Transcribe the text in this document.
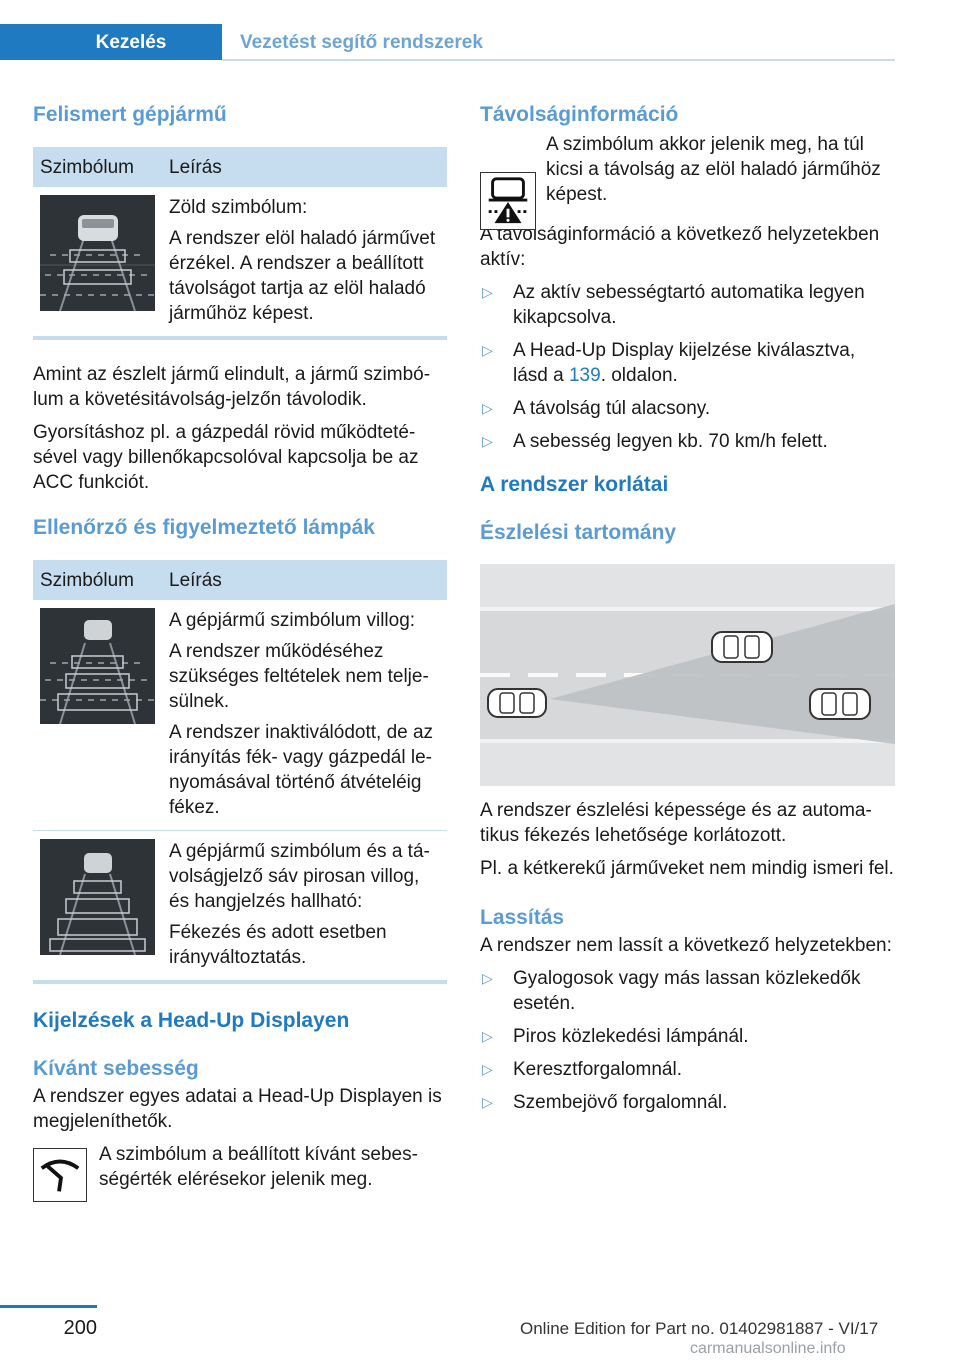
Kezelés	Vezetést segítő rendszerek
Felismert gépjármű
Szimbólum	Leírás

Zöld szimbólum:

A rendszer elöl haladó járművet érzékel. A rendszer a beállított távolságot tartja az elöl haladó járműhöz képest.

Amint az észlelt jármű elindult, a jármű szimbólum a követésitávolság-jelzőn távolodik.

Gyorsításhoz pl. a gázpedál rövid működtetésével vagy billenőkapcsolóval kapcsolja be az ACC funkciót.

Ellenőrző és figyelmeztető lámpák
Szimbólum	Leírás

A gépjármű szimbólum villog:

A rendszer működéséhez szükséges feltételek nem teljesülnek.

A rendszer inaktiválódott, de az irányítás fék- vagy gázpedál lenyomásával történő átvételéig fékez.

A gépjármű szimbólum és a távolságjelző sáv pirosan villog, és hangjelzés hallható:

Fékezés és adott esetben irányváltoztatás.

Kijelzések a Head-Up Displayen
Kívánt sebesség

A rendszer egyes adatai a Head-Up Displayen is megjeleníthetők.

A szimbólum a beállított kívánt sebességérték elérésekor jelenik meg.

Távolságinformáció

A szimbólum akkor jelenik meg, ha túl kicsi a távolság az elöl haladó járműhöz képest.

A távolságinformáció a következő helyzetekben aktív:

▷ Az aktív sebességtartó automatika legyen kikapcsolva.
▷ A Head-Up Display kijelzése kiválasztva, lásd a 139. oldalon.
▷ A távolság túl alacsony.
▷ A sebesség legyen kb. 70 km/h felett.
A rendszer korlátai
Észlelési tartomány

A rendszer észlelési képessége és az automatikus fékezés lehetősége korlátozott.

Pl. a kétkerekű járműveket nem mindig ismeri fel.

Lassítás

A rendszer nem lassít a következő helyzetekben:

▷ Gyalogosok vagy más lassan közlekedők esetén.
▷ Piros közlekedési lámpánál.
▷ Keresztforgalomnál.
▷ Szembejövő forgalomnál.
200	Online Edition for Part no. 01402981887 - VI/17
carmanualsonline.info
